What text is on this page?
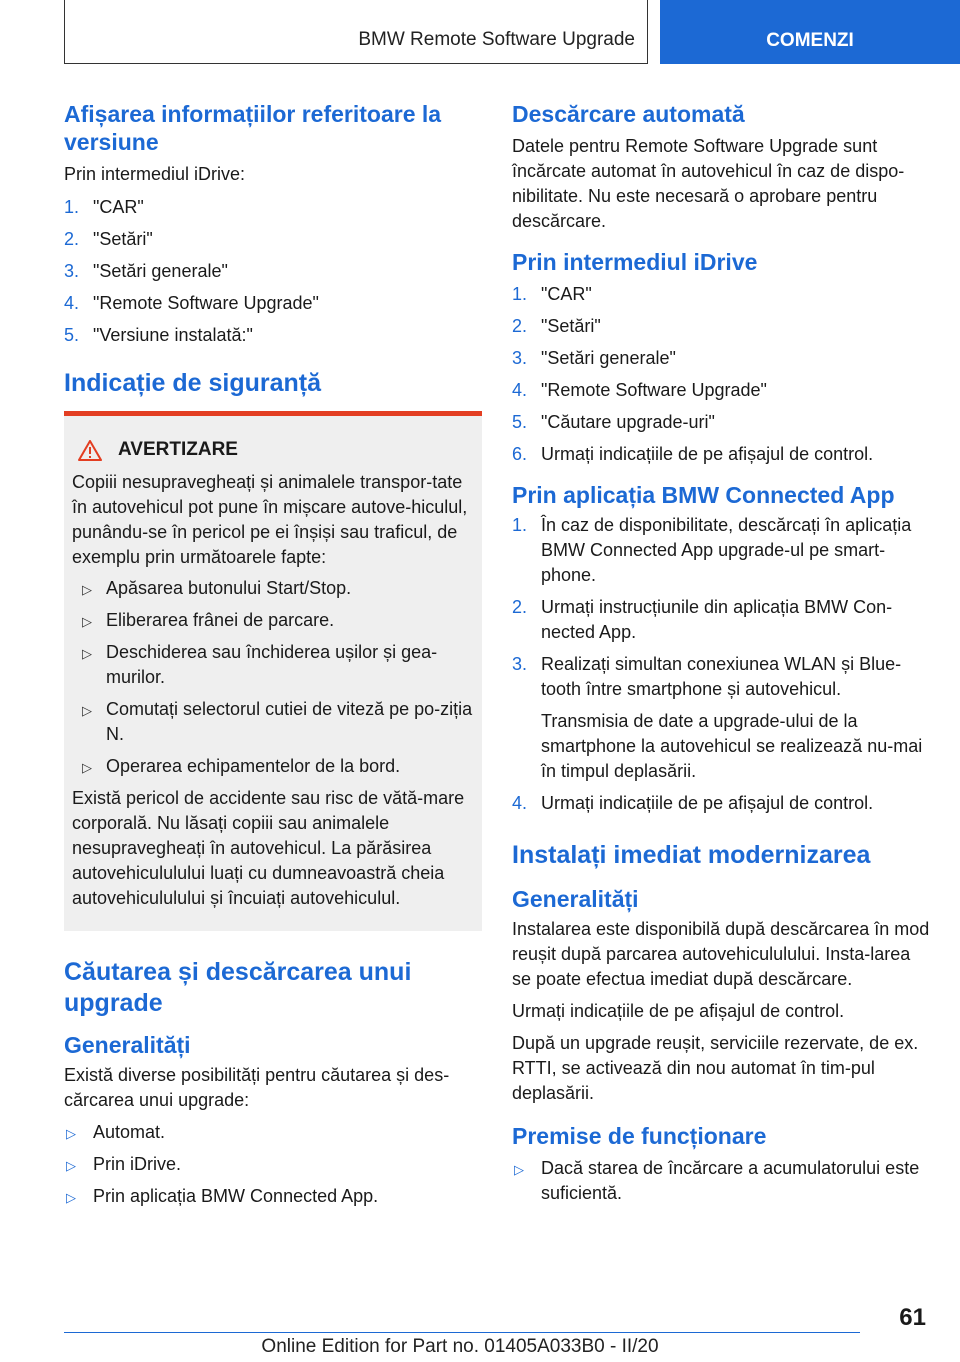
BMW Remote Software Upgrade	COMENZI
Afișarea informațiilor referitoare la versiune

Prin intermediul iDrive:

1. "CAR"
2. "Setări"
3. "Setări generale"
4. "Remote Software Upgrade"
5. "Versiune instalată:"
Indicație de siguranță
AVERTIZARE

Copiii nesupravegheați și animalele transpor-tate în autovehicul pot pune în mișcare autove-hiculul, punându-se în pericol pe ei înșiși sau traficul, de exemplu prin următoarele fapte:

▷ Apăsarea butonului Start/Stop.
▷ Eliberarea frânei de parcare.
▷ Deschiderea sau închiderea ușilor și gea-murilor.
▷ Comutați selectorul cutiei de viteză pe po-ziția N.
▷ Operarea echipamentelor de la bord.

Există pericol de accidente sau risc de vătă-mare corporală. Nu lăsați copiii sau animalele nesupravegheați în autovehicul. La părăsirea autovehicululului luați cu dumneavoastră cheia autovehicululului și încuiați autovehiculul.

Căutarea și descărcarea unui upgrade
Generalități

Există diverse posibilități pentru căutarea și des-cărcarea unui upgrade:

▷ Automat.
▷ Prin iDrive.
▷ Prin aplicația BMW Connected App.
Descărcare automată

Datele pentru Remote Software Upgrade sunt încărcate automat în autovehicul în caz de dispo-nibilitate. Nu este necesară o aprobare pentru descărcare.

Prin intermediul iDrive
1. "CAR"
2. "Setări"
3. "Setări generale"
4. "Remote Software Upgrade"
5. "Căutare upgrade-uri"
6. Urmați indicațiile de pe afișajul de control.
Prin aplicația BMW Connected App
1. În caz de disponibilitate, descărcați în aplicația BMW Connected App upgrade-ul pe smart-phone.
2. Urmați instrucțiunile din aplicația BMW Con-nected App.
3. Realizați simultan conexiunea WLAN și Blue-tooth între smartphone și autovehicul.
Transmisia de date a upgrade-ului de la smartphone la autovehicul se realizează nu-mai în timpul deplasării.
4. Urmați indicațiile de pe afișajul de control.
Instalați imediat modernizarea
Generalități

Instalarea este disponibilă după descărcarea în mod reușit după parcarea autovehicululului. Insta-larea se poate efectua imediat după descărcare.

Urmați indicațiile de pe afișajul de control.

După un upgrade reușit, serviciile rezervate, de ex. RTTI, se activează din nou automat în tim-pul deplasării.

Premise de funcționare
▷ Dacă starea de încărcare a acumulatorului este suficientă.
61
Online Edition for Part no. 01405A033B0 - II/20
